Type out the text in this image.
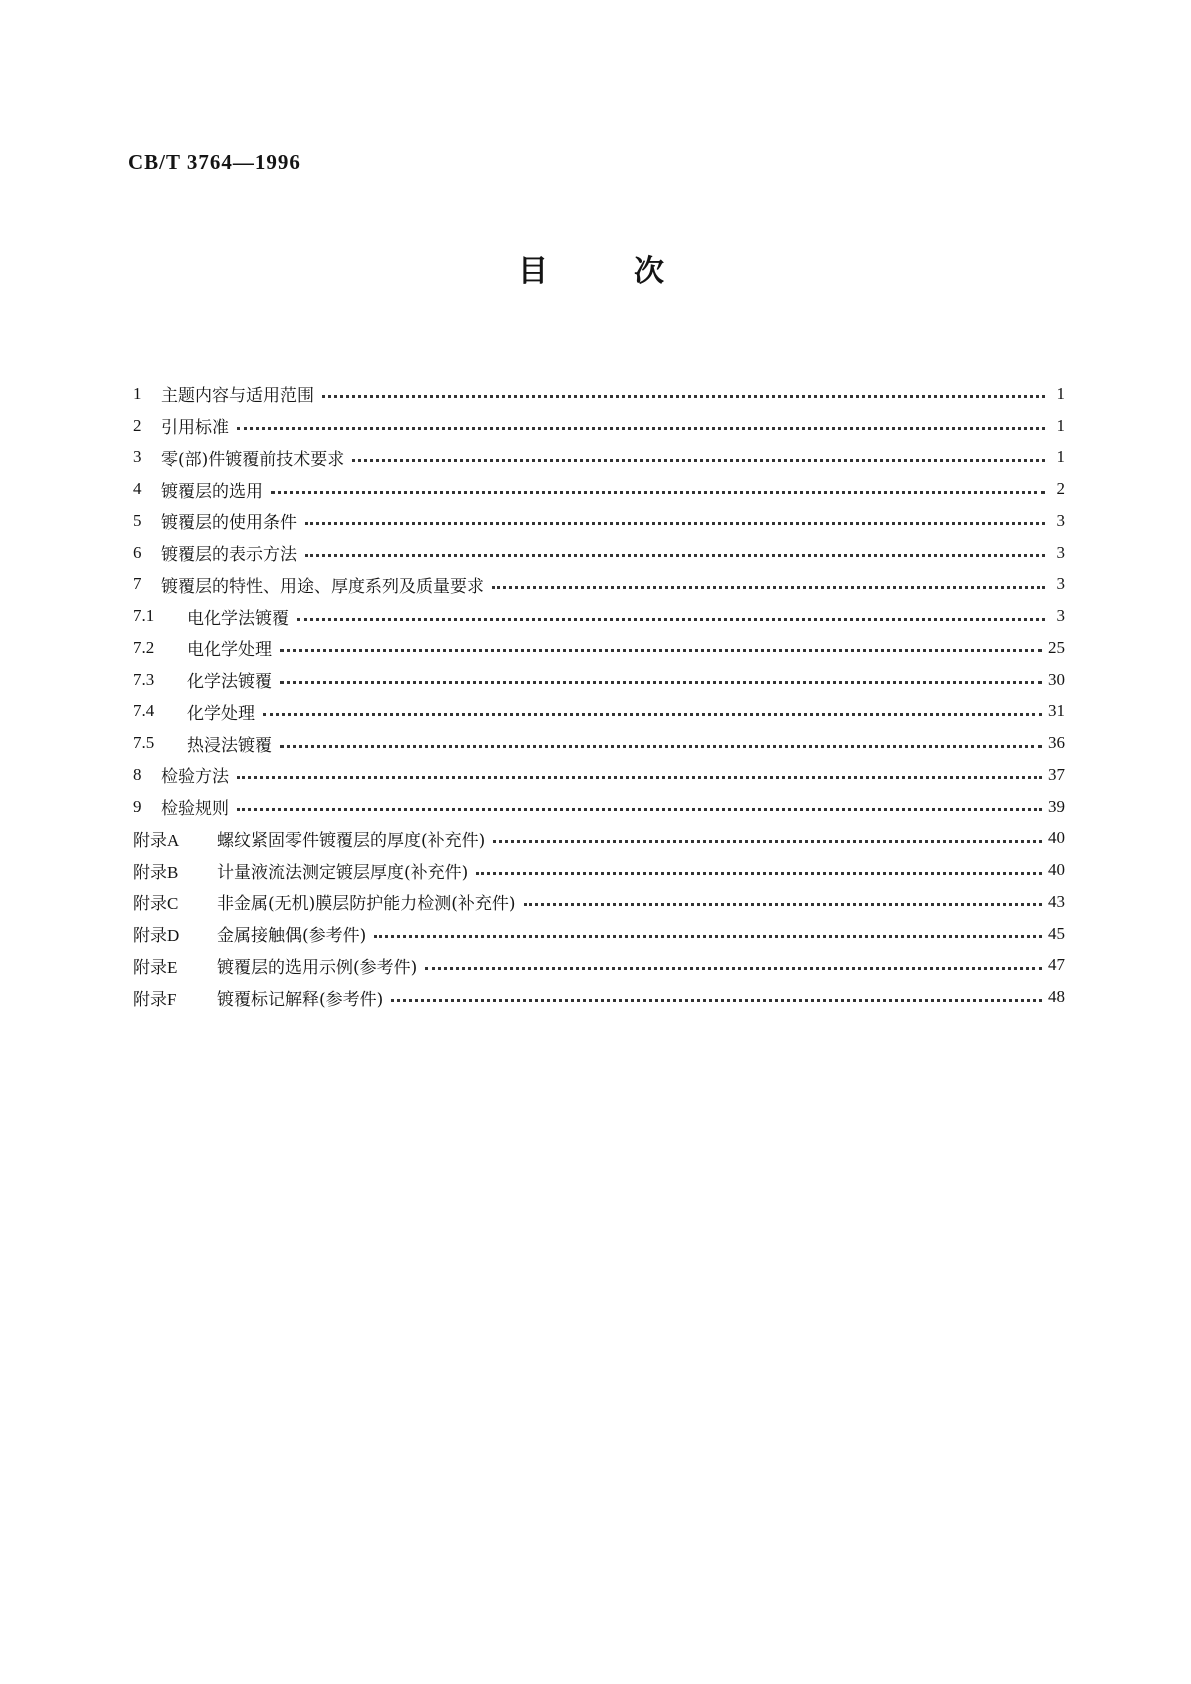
CB/T 3764—1996
目次
1	主题内容与适用范围	1
2	引用标准	1
3	零(部)件镀覆前技术要求	1
4	镀覆层的选用	2
5	镀覆层的使用条件	3
6	镀覆层的表示方法	3
7	镀覆层的特性、用途、厚度系列及质量要求	3
7.1	电化学法镀覆	3
7.2	电化学处理	25
7.3	化学法镀覆	30
7.4	化学处理	31
7.5	热浸法镀覆	36
8	检验方法	37
9	检验规则	39
附录A	螺纹紧固零件镀覆层的厚度(补充件)	40
附录B	计量液流法测定镀层厚度(补充件)	40
附录C	非金属(无机)膜层防护能力检测(补充件)	43
附录D	金属接触偶(参考件)	45
附录E	镀覆层的选用示例(参考件)	47
附录F	镀覆标记解释(参考件)	48
